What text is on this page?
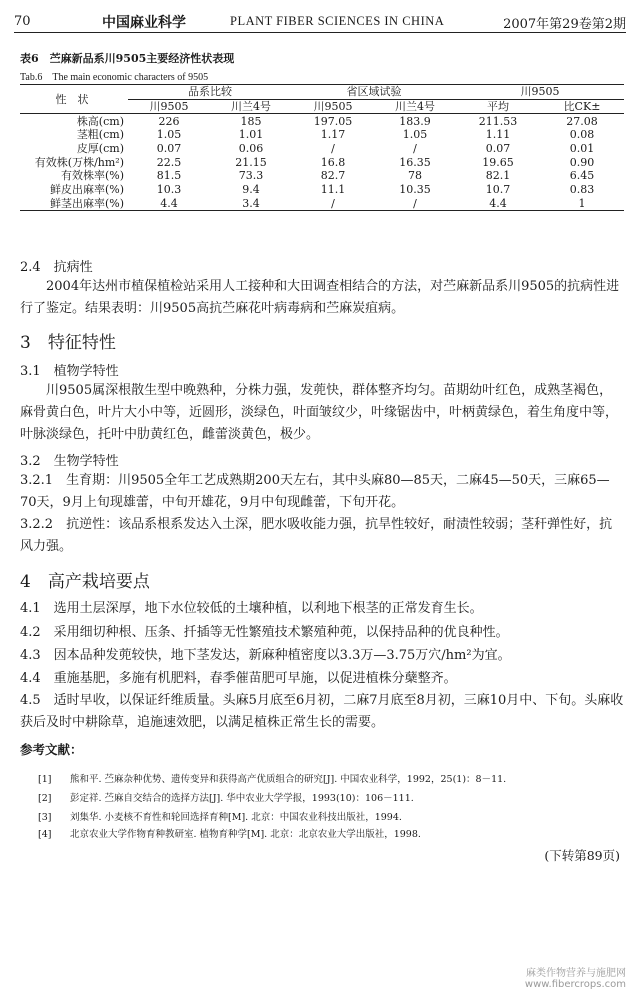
70	中国麻业科学	PLANT FIBER SCIENCES IN CHINA	2007年第29卷第2期
表6　苎麻新品系川9505主要经济性状表现
Tab.6　The main economic characters of 9505
性　状	品系比较		省区域试验		川9505	
	川9505	川兰4号	川9505	川兰4号	平均	比CK±
株高(cm)	226	185	197.05	183.9	211.53	27.08
茎粗(cm)	1.05	1.01	1.17	1.05	1.11	0.08
皮厚(cm)	0.07	0.06	/	/	0.07	0.01
有效株(万株/hm²)	22.5	21.15	16.8	16.35	19.65	0.90
有效株率(%)	81.5	73.3	82.7	78	82.1	6.45
鲜皮出麻率(%)	10.3	9.4	11.1	10.35	10.7	0.83
鲜茎出麻率(%)	4.4	3.4	/	/	4.4	1
2.4　抗病性
2004年达州市植保植检站采用人工接种和大田调查相结合的方法，对苎麻新品系川9505的抗病性进行了鉴定。结果表明：川9505高抗苎麻花叶病毒病和苎麻炭疽病。
3　特征特性
3.1　植物学特性
川9505属深根散生型中晚熟种，分株力强，发蔸快，群体整齐均匀。苗期幼叶红色，成熟茎褐色，麻骨黄白色，叶片大小中等，近圆形，淡绿色，叶面皱纹少，叶缘锯齿中，叶柄黄绿色，着生角度中等，叶脉淡绿色，托叶中肋黄红色，雌蕾淡黄色，极少。
3.2　生物学特性
3.2.1　生育期：川9505全年工艺成熟期200天左右，其中头麻80—85天，二麻45—50天，三麻65—70天，9月上旬现雄蕾，中旬开雄花，9月中旬现雌蕾，下旬开花。
3.2.2　抗逆性：该品系根系发达入土深，肥水吸收能力强，抗旱性较好，耐渍性较弱；茎秆弹性好，抗风力强。
4　高产栽培要点
4.1　选用土层深厚，地下水位较低的土壤种植，以利地下根茎的正常发育生长。
4.2　采用细切种根、压条、扦插等无性繁殖技术繁殖种蔸，以保持品种的优良种性。
4.3　因本品种发蔸较快，地下茎发达，新麻种植密度以3.3万—3.75万穴/hm²为宜。
4.4　重施基肥，多施有机肥料，春季催苗肥可早施，以促进植株分蘖整齐。
4.5　适时早收，以保证纤维质量。头麻5月底至6月初，二麻7月底至8月初，三麻10月中、下旬。头麻收获后及时中耕除草，追施速效肥，以满足植株正常生长的需要。
参考文献：
[1] 熊和平. 苎麻杂种优势、遗传变异和获得高产优质组合的研究[J]. 中国农业科学，1992，25(1)：8－11.
[2] 彭定祥. 苎麻自交结合的选择方法[J]. 华中农业大学学报，1993(10)：106－111.
[3] 刘集华. 小麦核不育性和轮回选择育种[M]. 北京：中国农业科技出版社，1994.
[4] 北京农业大学作物育种教研室. 植物育种学[M]. 北京：北京农业大学出版社，1998.
(下转第89页)
麻类作物营养与施肥网
www.fibercrops.com
